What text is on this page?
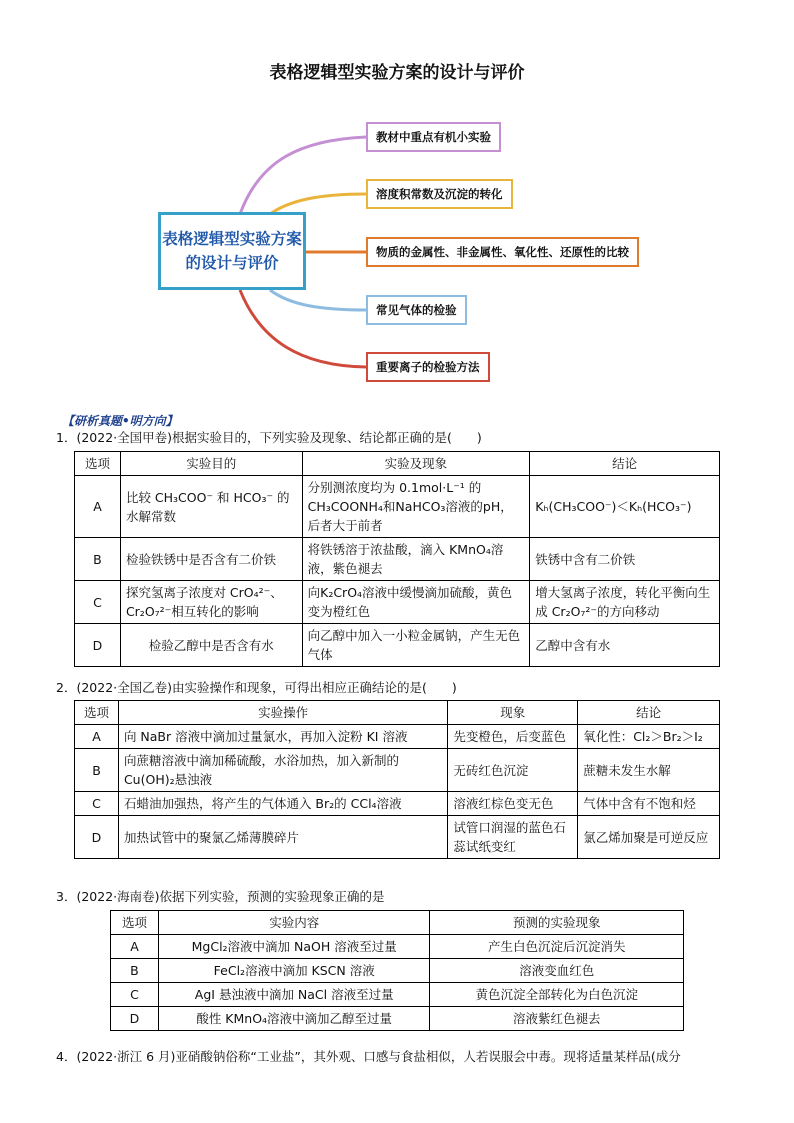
表格逻辑型实验方案的设计与评价
表格逻辑型实验方案的设计与评价
教材中重点有机小实验
溶度积常数及沉淀的转化
物质的金属性、非金属性、氧化性、还原性的比较
常见气体的检验
重要离子的检验方法
【研析真题•明方向】
1．(2022·全国甲卷)根据实验目的，下列实验及现象、结论都正确的是(　　)
选项	实验目的	实验及现象	结论
A	比较 CH₃COO⁻ 和 HCO₃⁻ 的水解常数	分别测浓度均为 0.1mol·L⁻¹ 的 CH₃COONH₄和NaHCO₃溶液的pH，后者大于前者	Kₕ(CH₃COO⁻)＜Kₕ(HCO₃⁻)
B	检验铁锈中是否含有二价铁	将铁锈溶于浓盐酸，滴入 KMnO₄溶液，紫色褪去	铁锈中含有二价铁
C	探究氢离子浓度对 CrO₄²⁻、Cr₂O₇²⁻相互转化的影响	向K₂CrO₄溶液中缓慢滴加硫酸，黄色变为橙红色	增大氢离子浓度，转化平衡向生成 Cr₂O₇²⁻的方向移动
D	检验乙醇中是否含有水	向乙醇中加入一小粒金属钠，产生无色气体	乙醇中含有水
2．(2022·全国乙卷)由实验操作和现象，可得出相应正确结论的是(　　)
选项	实验操作	现象	结论
A	向 NaBr 溶液中滴加过量氯水，再加入淀粉 KI 溶液	先变橙色，后变蓝色	氧化性：Cl₂＞Br₂＞I₂
B	向蔗糖溶液中滴加稀硫酸，水浴加热，加入新制的 Cu(OH)₂悬浊液	无砖红色沉淀	蔗糖未发生水解
C	石蜡油加强热，将产生的气体通入 Br₂的 CCl₄溶液	溶液红棕色变无色	气体中含有不饱和烃
D	加热试管中的聚氯乙烯薄膜碎片	试管口润湿的蓝色石蕊试纸变红	氯乙烯加聚是可逆反应
3．(2022·海南卷)依据下列实验，预测的实验现象正确的是
选项	实验内容	预测的实验现象
A	MgCl₂溶液中滴加 NaOH 溶液至过量	产生白色沉淀后沉淀消失
B	FeCl₂溶液中滴加 KSCN 溶液	溶液变血红色
C	AgI 悬浊液中滴加 NaCl 溶液至过量	黄色沉淀全部转化为白色沉淀
D	酸性 KMnO₄溶液中滴加乙醇至过量	溶液紫红色褪去
4．(2022·浙江 6 月)亚硝酸钠俗称“工业盐”，其外观、口感与食盐相似，人若误服会中毒。现将适量某样品(成分
